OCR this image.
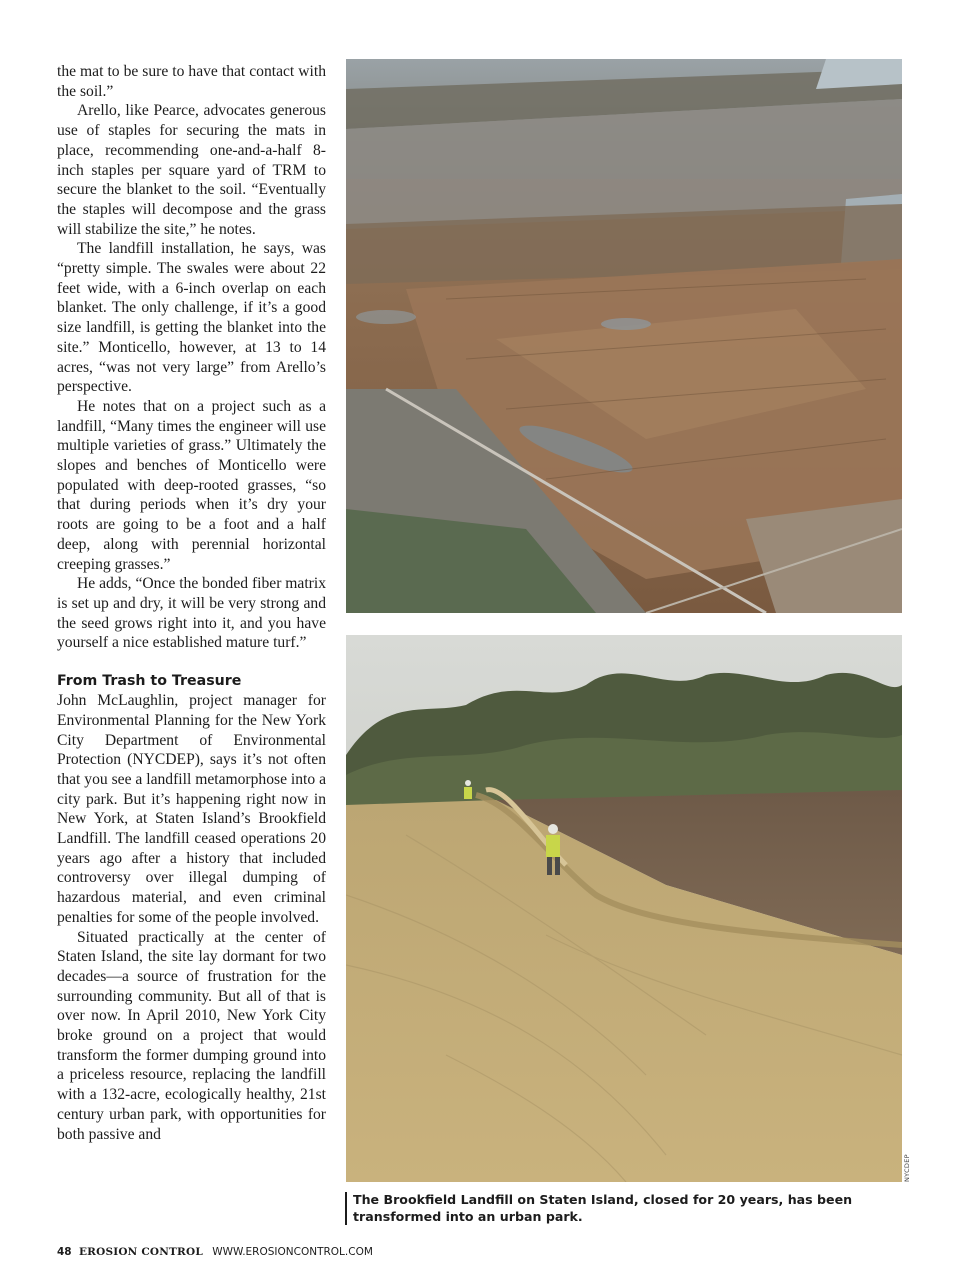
the mat to be sure to have that contact with the soil.”

Arello, like Pearce, advocates generous use of staples for securing the mats in place, recommending one-and-a-half 8-inch staples per square yard of TRM to secure the blanket to the soil. “Eventually the staples will decompose and the grass will stabilize the site,” he notes.

The landfill installation, he says, was “pretty simple. The swales were about 22 feet wide, with a 6-inch overlap on each blanket. The only challenge, if it’s a good size landfill, is getting the blanket into the site.” Monticello, however, at 13 to 14 acres, “was not very large” from Arello’s perspective.

He notes that on a project such as a landfill, “Many times the engineer will use multiple varieties of grass.” Ultimately the slopes and benches of Monticello were populated with deep-rooted grasses, “so that during periods when it’s dry your roots are going to be a foot and a half deep, along with perennial horizontal creeping grasses.”

He adds, “Once the bonded fiber matrix is set up and dry, it will be very strong and the seed grows right into it, and you have yourself a nice established mature turf.”

From Trash to Treasure

John McLaughlin, project manager for Environmental Planning for the New York City Department of Environmental Protection (NYCDEP), says it’s not often that you see a landfill metamorphose into a city park. But it’s happening right now in New York, at Staten Island’s Brookfield Landfill. The landfill ceased operations 20 years ago after a history that included controversy over illegal dumping of hazardous material, and even criminal penalties for some of the people involved.

Situated practically at the center of Staten Island, the site lay dormant for two decades—a source of frustration for the surrounding community. But all of that is over now. In April 2010, New York City broke ground on a project that would transform the former dumping ground into a priceless resource, replacing the landfill with a 132-acre, ecologically healthy, 21st century urban park, with opportunities for both passive and

NYCDEP
The Brookfield Landfill on Staten Island, closed for 20 years, has been transformed into an urban park.
48 EROSION CONTROL WWW.EROSIONCONTROL.COM
